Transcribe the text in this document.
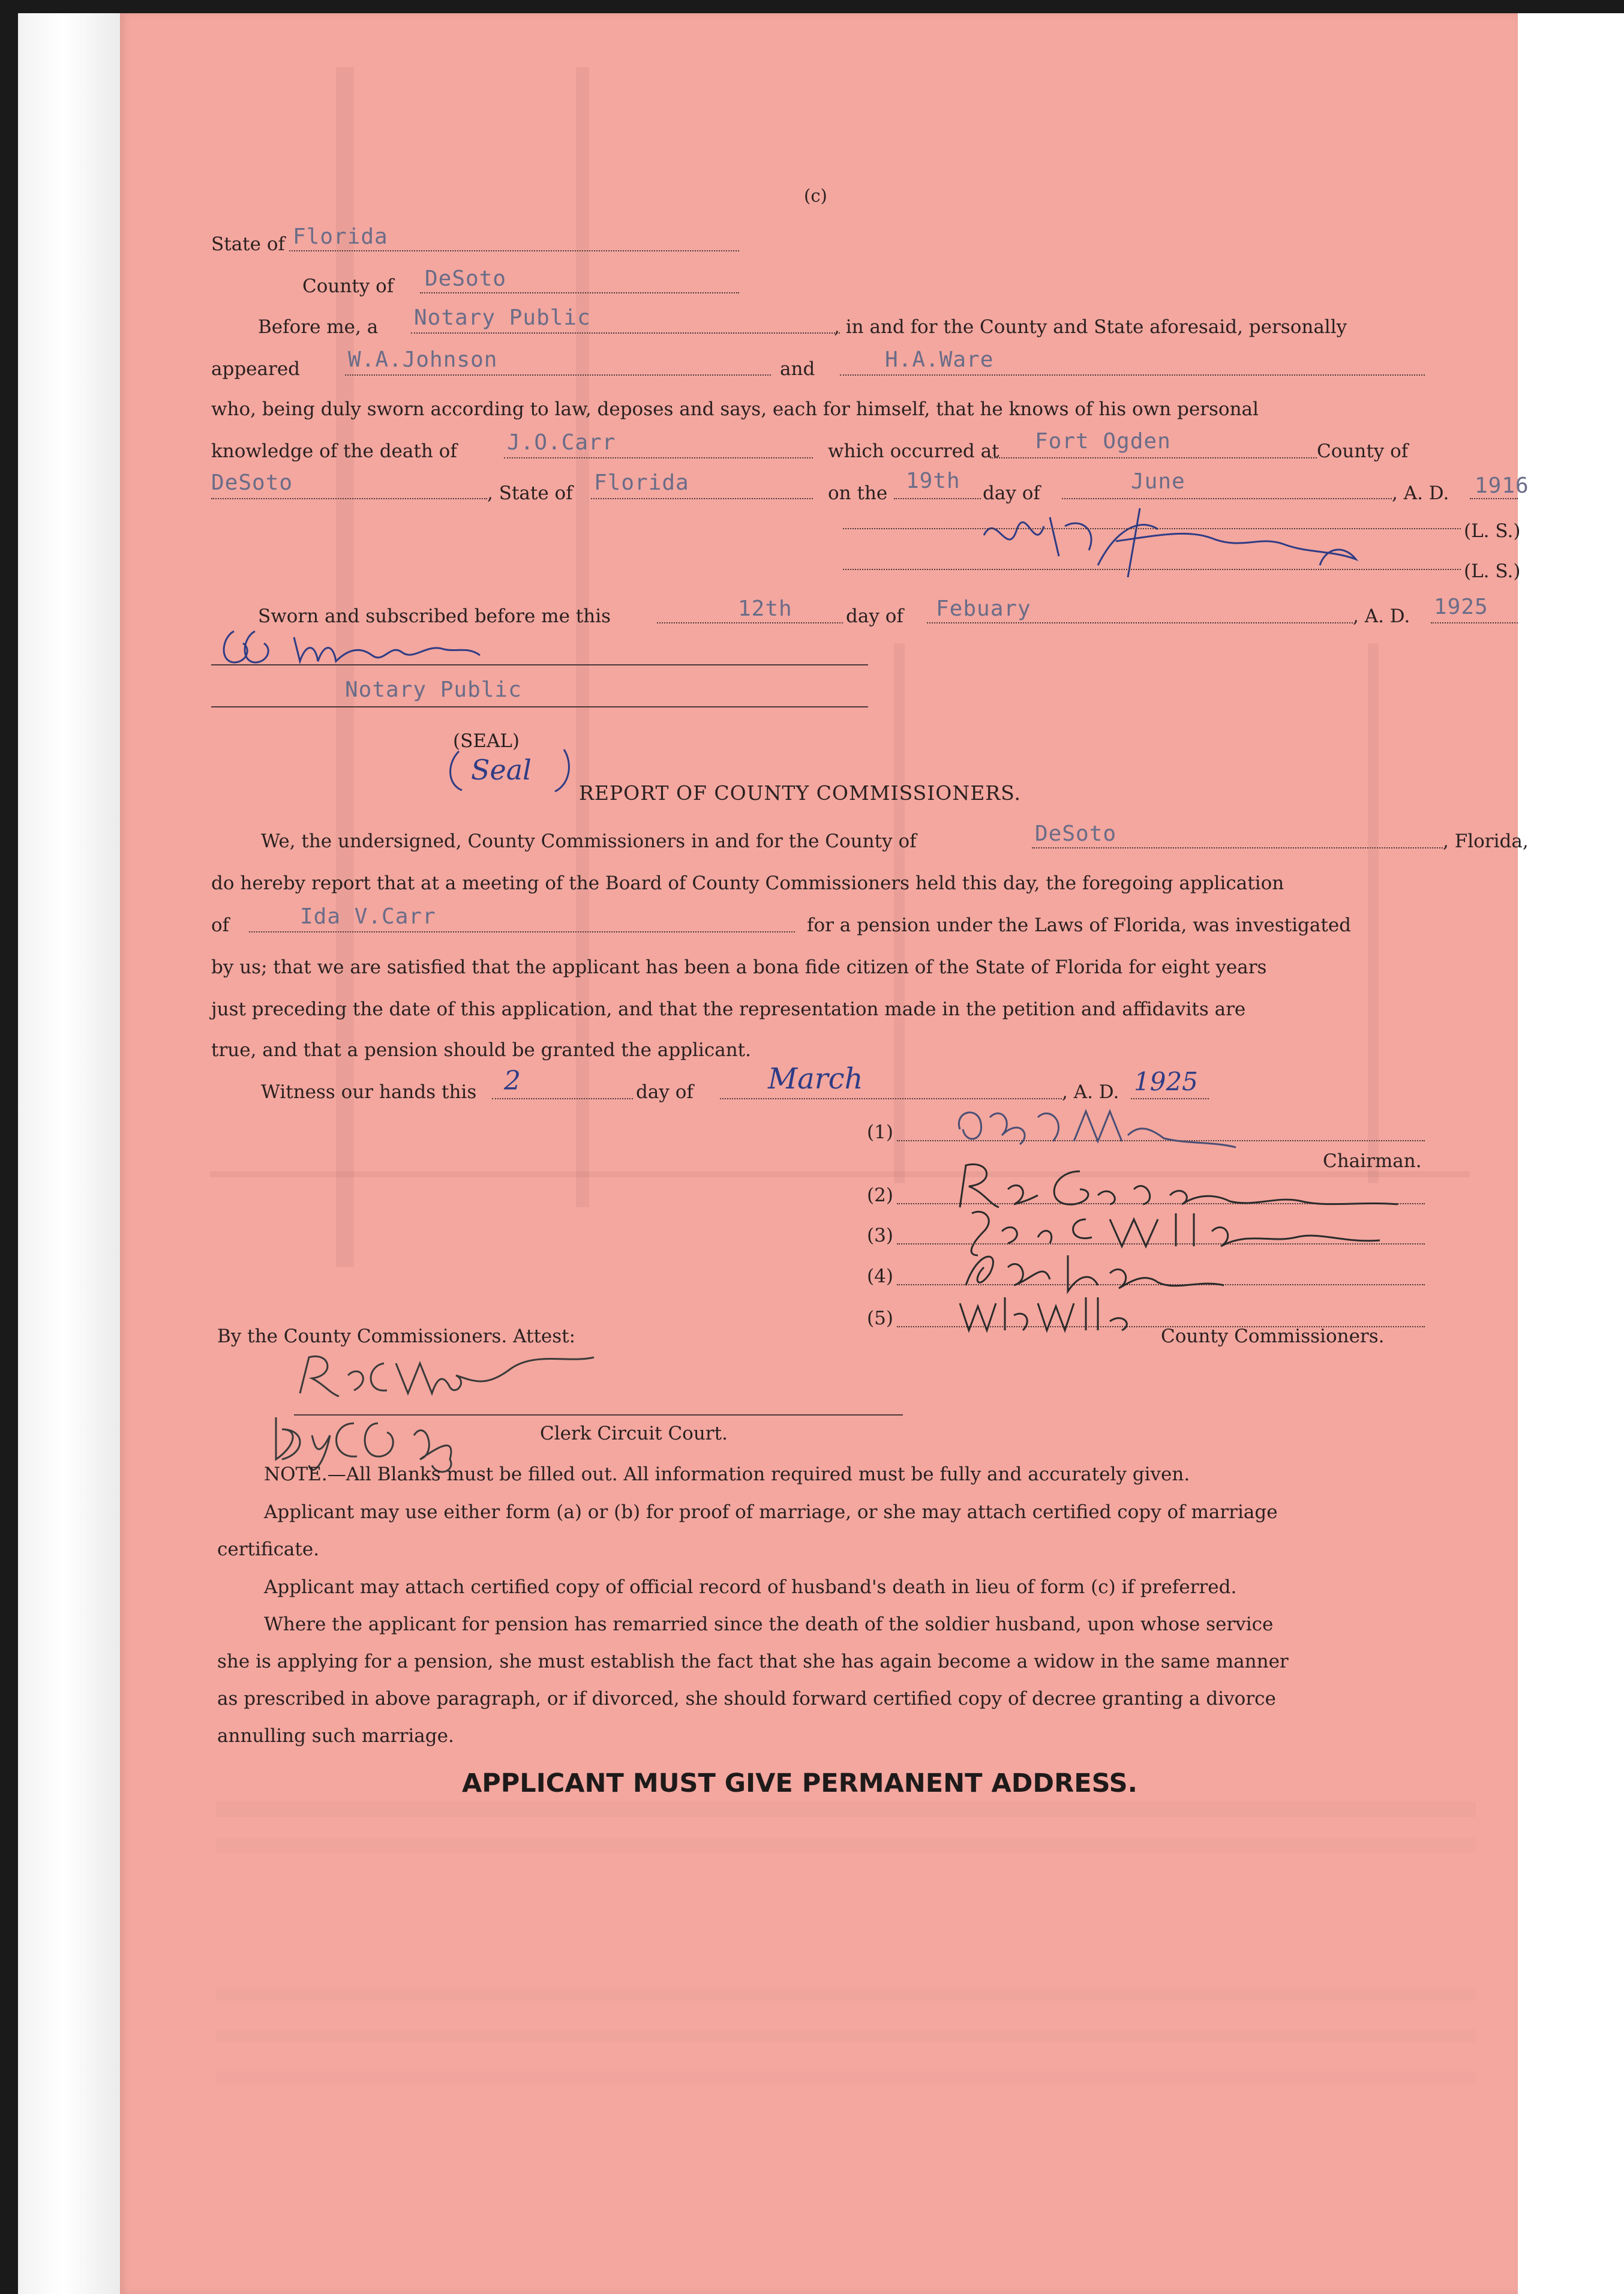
(c)
State of Florida
County of DeSoto
Before me, a Notary Public	, in and for the County and State aforesaid, personally
appeared W.A.Johnson	and	H.A.Ware
who, being duly sworn according to law, deposes and says, each for himself, that he knows of his own personal
knowledge of the death of J.O.Carr	which occurred at Fort Ogden	County of
DeSoto	, State of Florida	on the 19th day of	June	, A. D. 1916
(L. S.)
(L. S.)
Sworn and subscribed before me this	12th	day of Febuary	, A. D. 1925
Notary Public
(SEAL)
Seal
REPORT OF COUNTY COMMISSIONERS.
We, the undersigned, County Commissioners in and for the County of	DeSoto	, Florida,
do hereby report that at a meeting of the Board of County Commissioners held this day, the foregoing application
of	Ida V.Carr	for a pension under the Laws of Florida, was investigated
by us; that we are satisfied that the applicant has been a bona fide citizen of the State of Florida for eight years
just preceding the date of this application, and that the representation made in the petition and affidavits are
true, and that a pension should be granted the applicant.
Witness our hands this 2	day of	March	, A. D. 1925
(1)
Chairman.
(2)
(3)
(4)
(5)
County Commissioners.
By the County Commissioners. Attest:
Clerk Circuit Court.
NOTE.—All Blanks must be filled out. All information required must be fully and accurately given.
Applicant may use either form (a) or (b) for proof of marriage, or she may attach certified copy of marriage
certificate.
Applicant may attach certified copy of official record of husband's death in lieu of form (c) if preferred.
Where the applicant for pension has remarried since the death of the soldier husband, upon whose service
she is applying for a pension, she must establish the fact that she has again become a widow in the same manner
as prescribed in above paragraph, or if divorced, she should forward certified copy of decree granting a divorce
annulling such marriage.
APPLICANT MUST GIVE PERMANENT ADDRESS.
